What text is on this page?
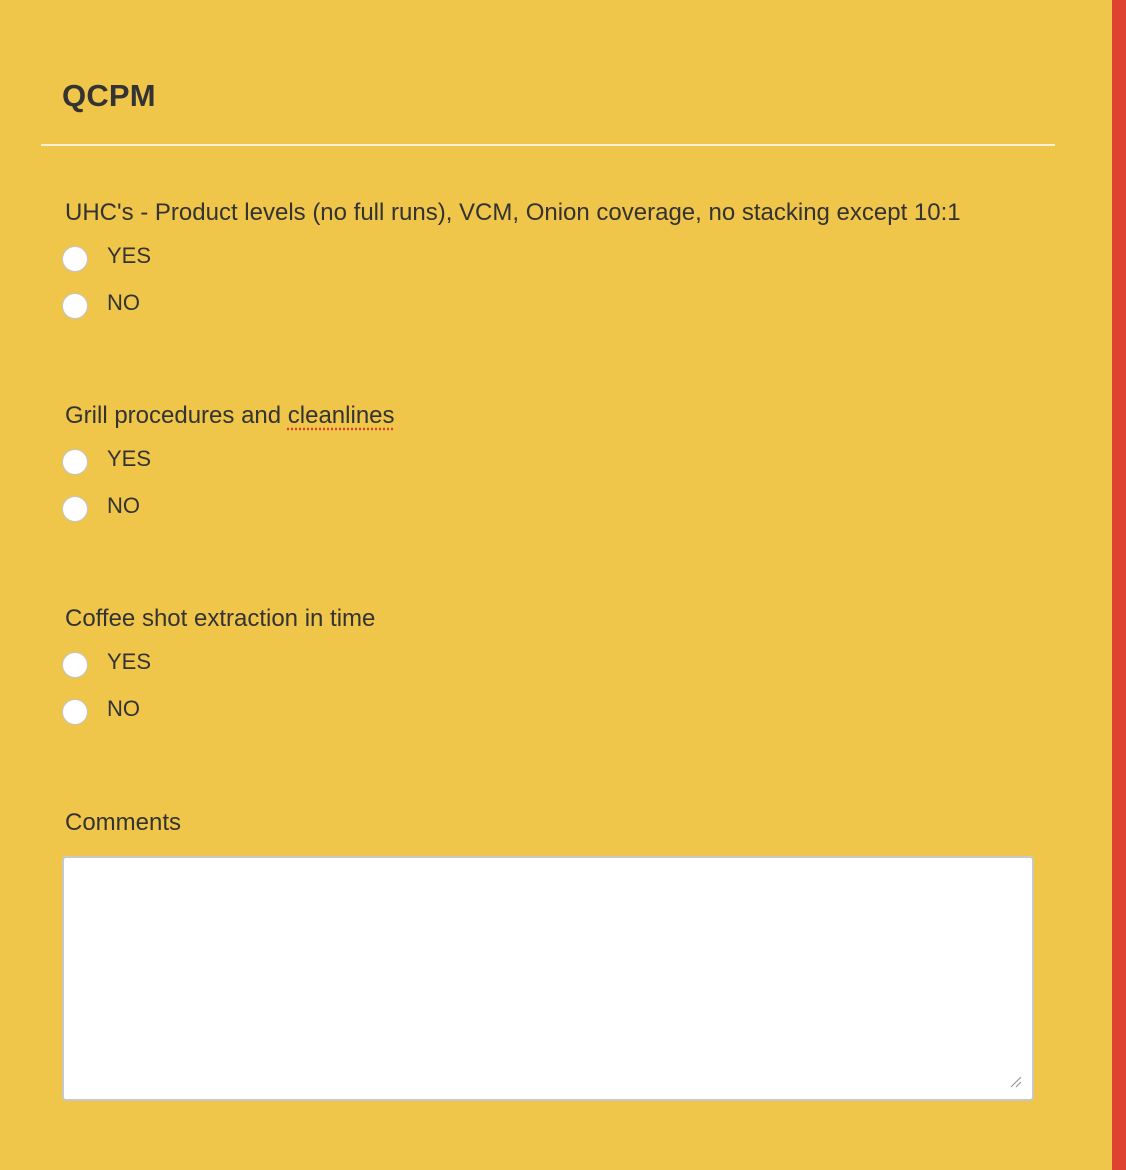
QCPM

UHC's - Product levels (no full runs), VCM, Onion coverage, no stacking except 10:1

YES
NO

Grill procedures and cleanlines

YES
NO

Coffee shot extraction in time

YES
NO

Comments
